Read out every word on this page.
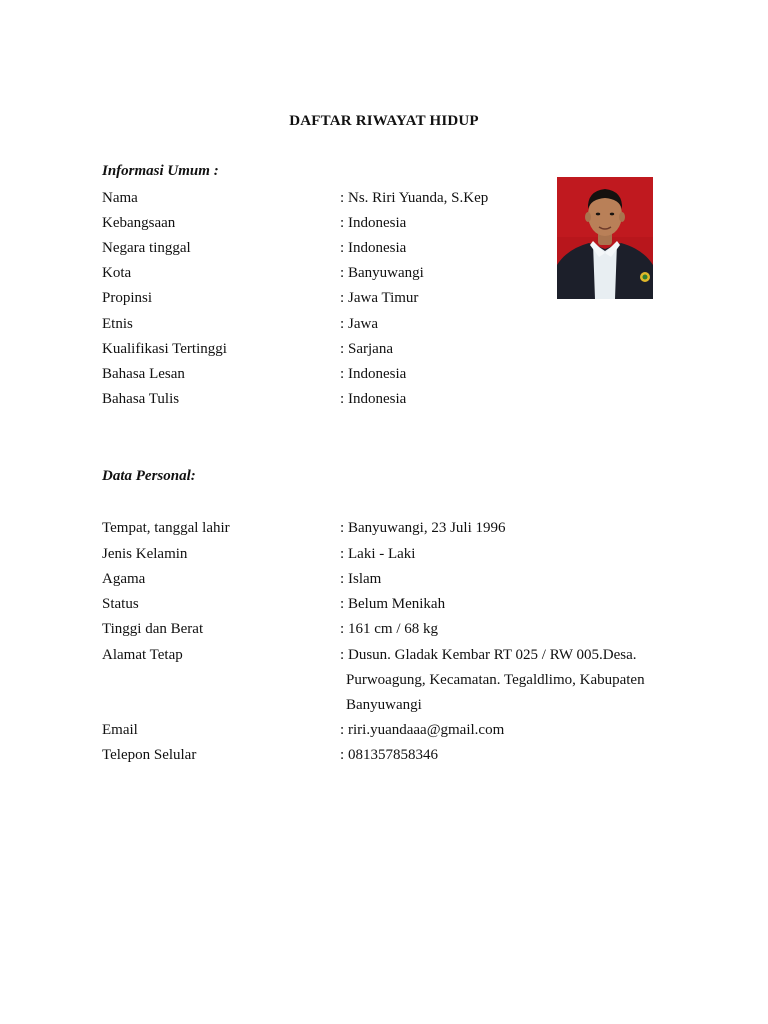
DAFTAR RIWAYAT HIDUP
Informasi Umum :
Nama	: Ns. Riri Yuanda, S.Kep
Kebangsaan	: Indonesia
Negara tinggal	: Indonesia
Kota	: Banyuwangi
Propinsi	: Jawa Timur
Etnis	: Jawa
Kualifikasi Tertinggi	: Sarjana
Bahasa Lesan	: Indonesia
Bahasa Tulis	: Indonesia
Data Personal:
Tempat, tanggal lahir	: Banyuwangi, 23 Juli 1996
Jenis Kelamin	: Laki - Laki
Agama	: Islam
Status	: Belum Menikah
Tinggi dan Berat	: 161 cm / 68 kg
Alamat Tetap	: Dusun. Gladak Kembar RT 025 / RW 005.Desa.
Purwoagung, Kecamatan. Tegaldlimo, Kabupaten
Banyuwangi
Email	: riri.yuandaaa@gmail.com
Telepon Selular	: 081357858346
